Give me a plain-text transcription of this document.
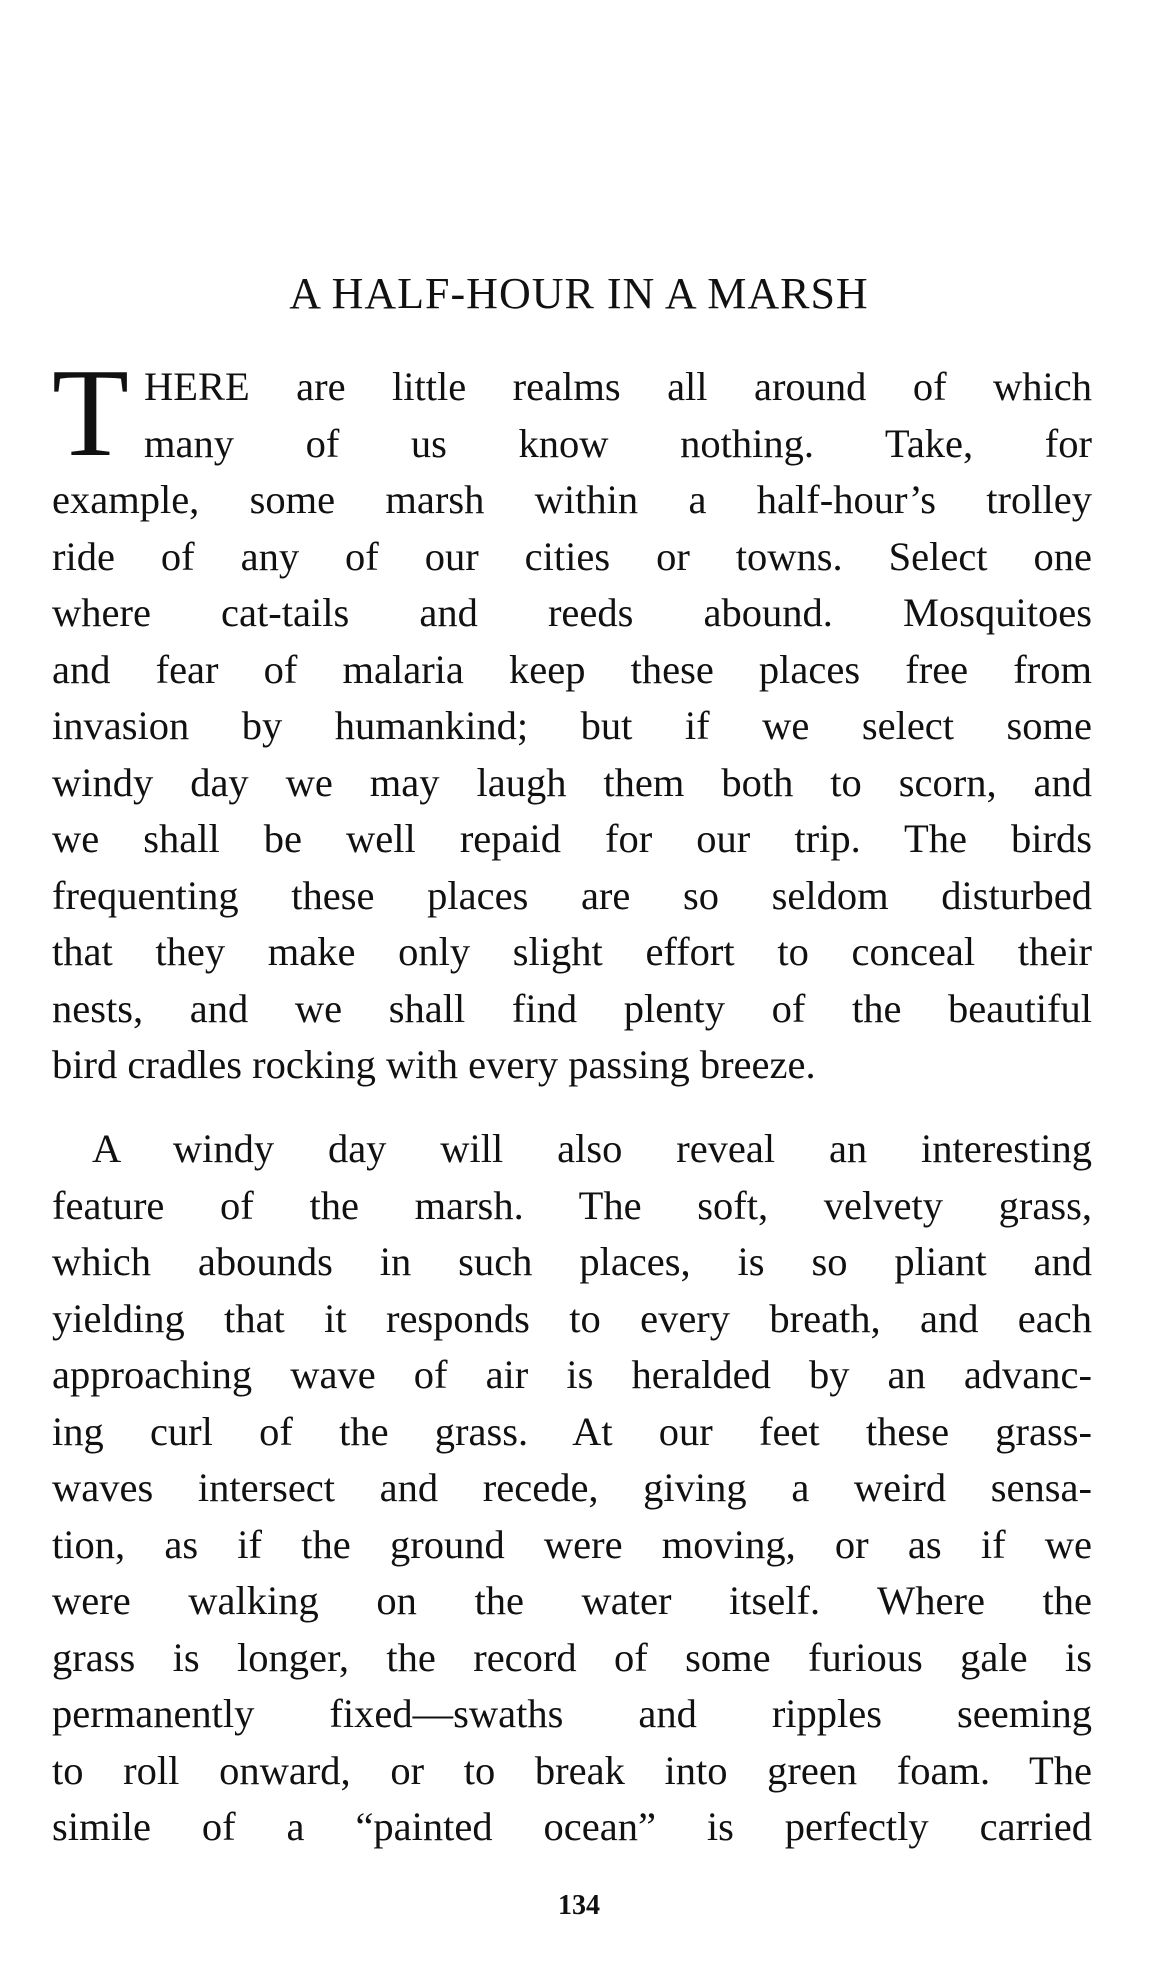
A HALF-HOUR IN A MARSH
T HERE are little realms all around of which
many of us know nothing. Take, for
example, some marsh within a half-hour’s trolley
ride of any of our cities or towns. Select one
where cat-tails and reeds abound. Mosquitoes
and fear of malaria keep these places free from
invasion by humankind; but if we select some
windy day we may laugh them both to scorn, and
we shall be well repaid for our trip. The birds
frequenting these places are so seldom disturbed
that they make only slight effort to conceal their
nests, and we shall find plenty of the beautiful
bird cradles rocking with every passing breeze.
A windy day will also reveal an interesting
feature of the marsh. The soft, velvety grass,
which abounds in such places, is so pliant and
yielding that it responds to every breath, and each
approaching wave of air is heralded by an advanc-
ing curl of the grass. At our feet these grass-
waves intersect and recede, giving a weird sensa-
tion, as if the ground were moving, or as if we
were walking on the water itself. Where the
grass is longer, the record of some furious gale is
permanently fixed—swaths and ripples seeming
to roll onward, or to break into green foam. The
simile of a “painted ocean” is perfectly carried
134
